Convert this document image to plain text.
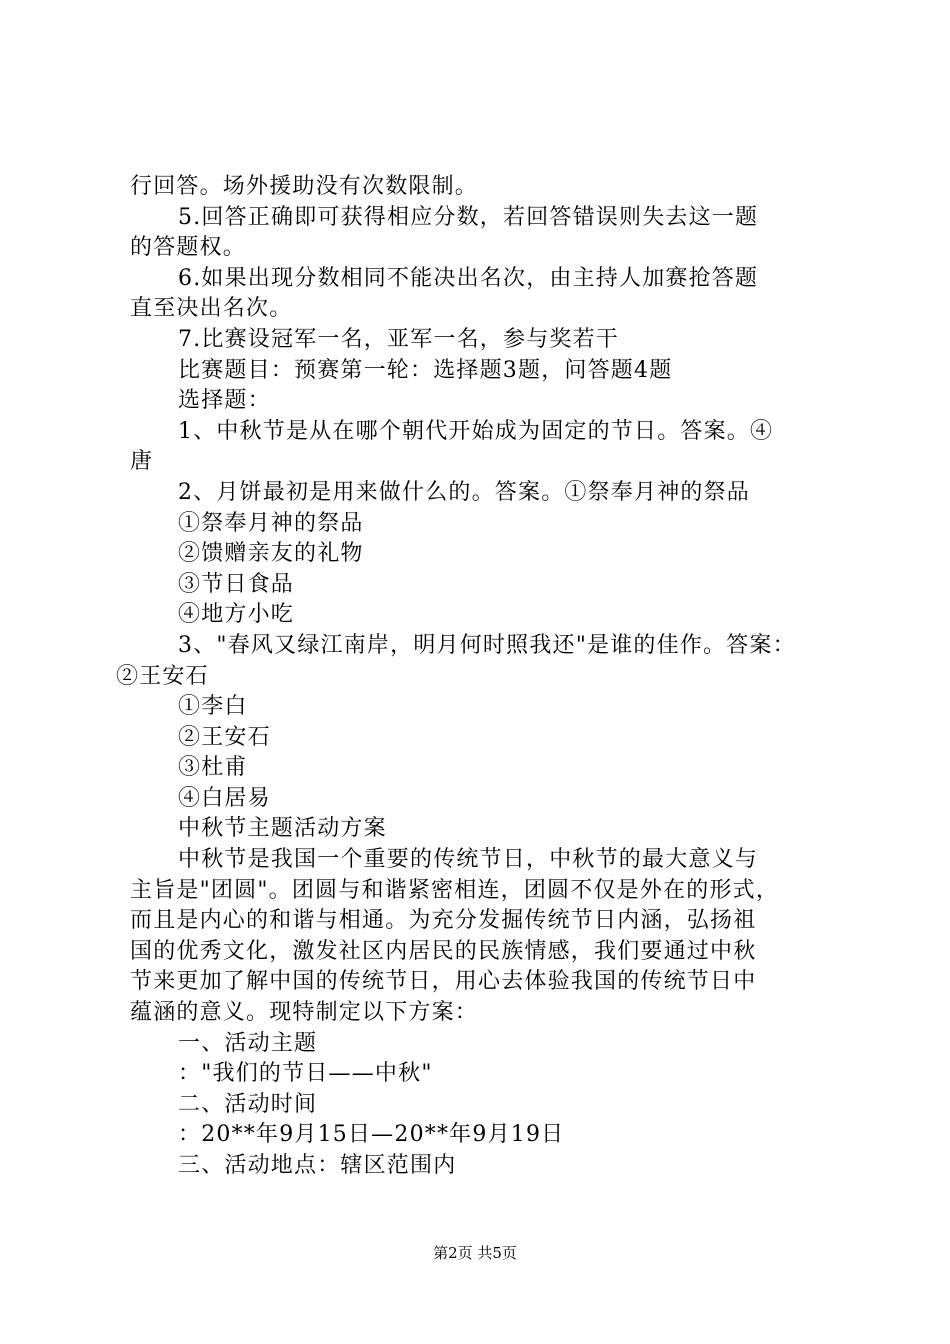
行回答。场外援助没有次数限制。
5.回答正确即可获得相应分数，若回答错误则失去这一题
的答题权。
6.如果出现分数相同不能决出名次，由主持人加赛抢答题
直至决出名次。
7.比赛设冠军一名，亚军一名，参与奖若干
比赛题目：预赛第一轮：选择题3题，问答题4题
选择题：
1、中秋节是从在哪个朝代开始成为固定的节日。答案。④
唐
2、月饼最初是用来做什么的。答案。①祭奉月神的祭品
①祭奉月神的祭品
②馈赠亲友的礼物
③节日食品
④地方小吃
3、"春风又绿江南岸，明月何时照我还"是谁的佳作。答案：
②王安石
①李白
②王安石
③杜甫
④白居易
中秋节主题活动方案
中秋节是我国一个重要的传统节日，中秋节的最大意义与
主旨是"团圆"。团圆与和谐紧密相连，团圆不仅是外在的形式，
而且是内心的和谐与相通。为充分发掘传统节日内涵，弘扬祖
国的优秀文化，激发社区内居民的民族情感，我们要通过中秋
节来更加了解中国的传统节日，用心去体验我国的传统节日中
蕴涵的意义。现特制定以下方案：
一、活动主题
："我们的节日——中秋"
二、活动时间
：20**年9月15日—20**年9月19日
三、活动地点：辖区范围内
第2页 共5页
